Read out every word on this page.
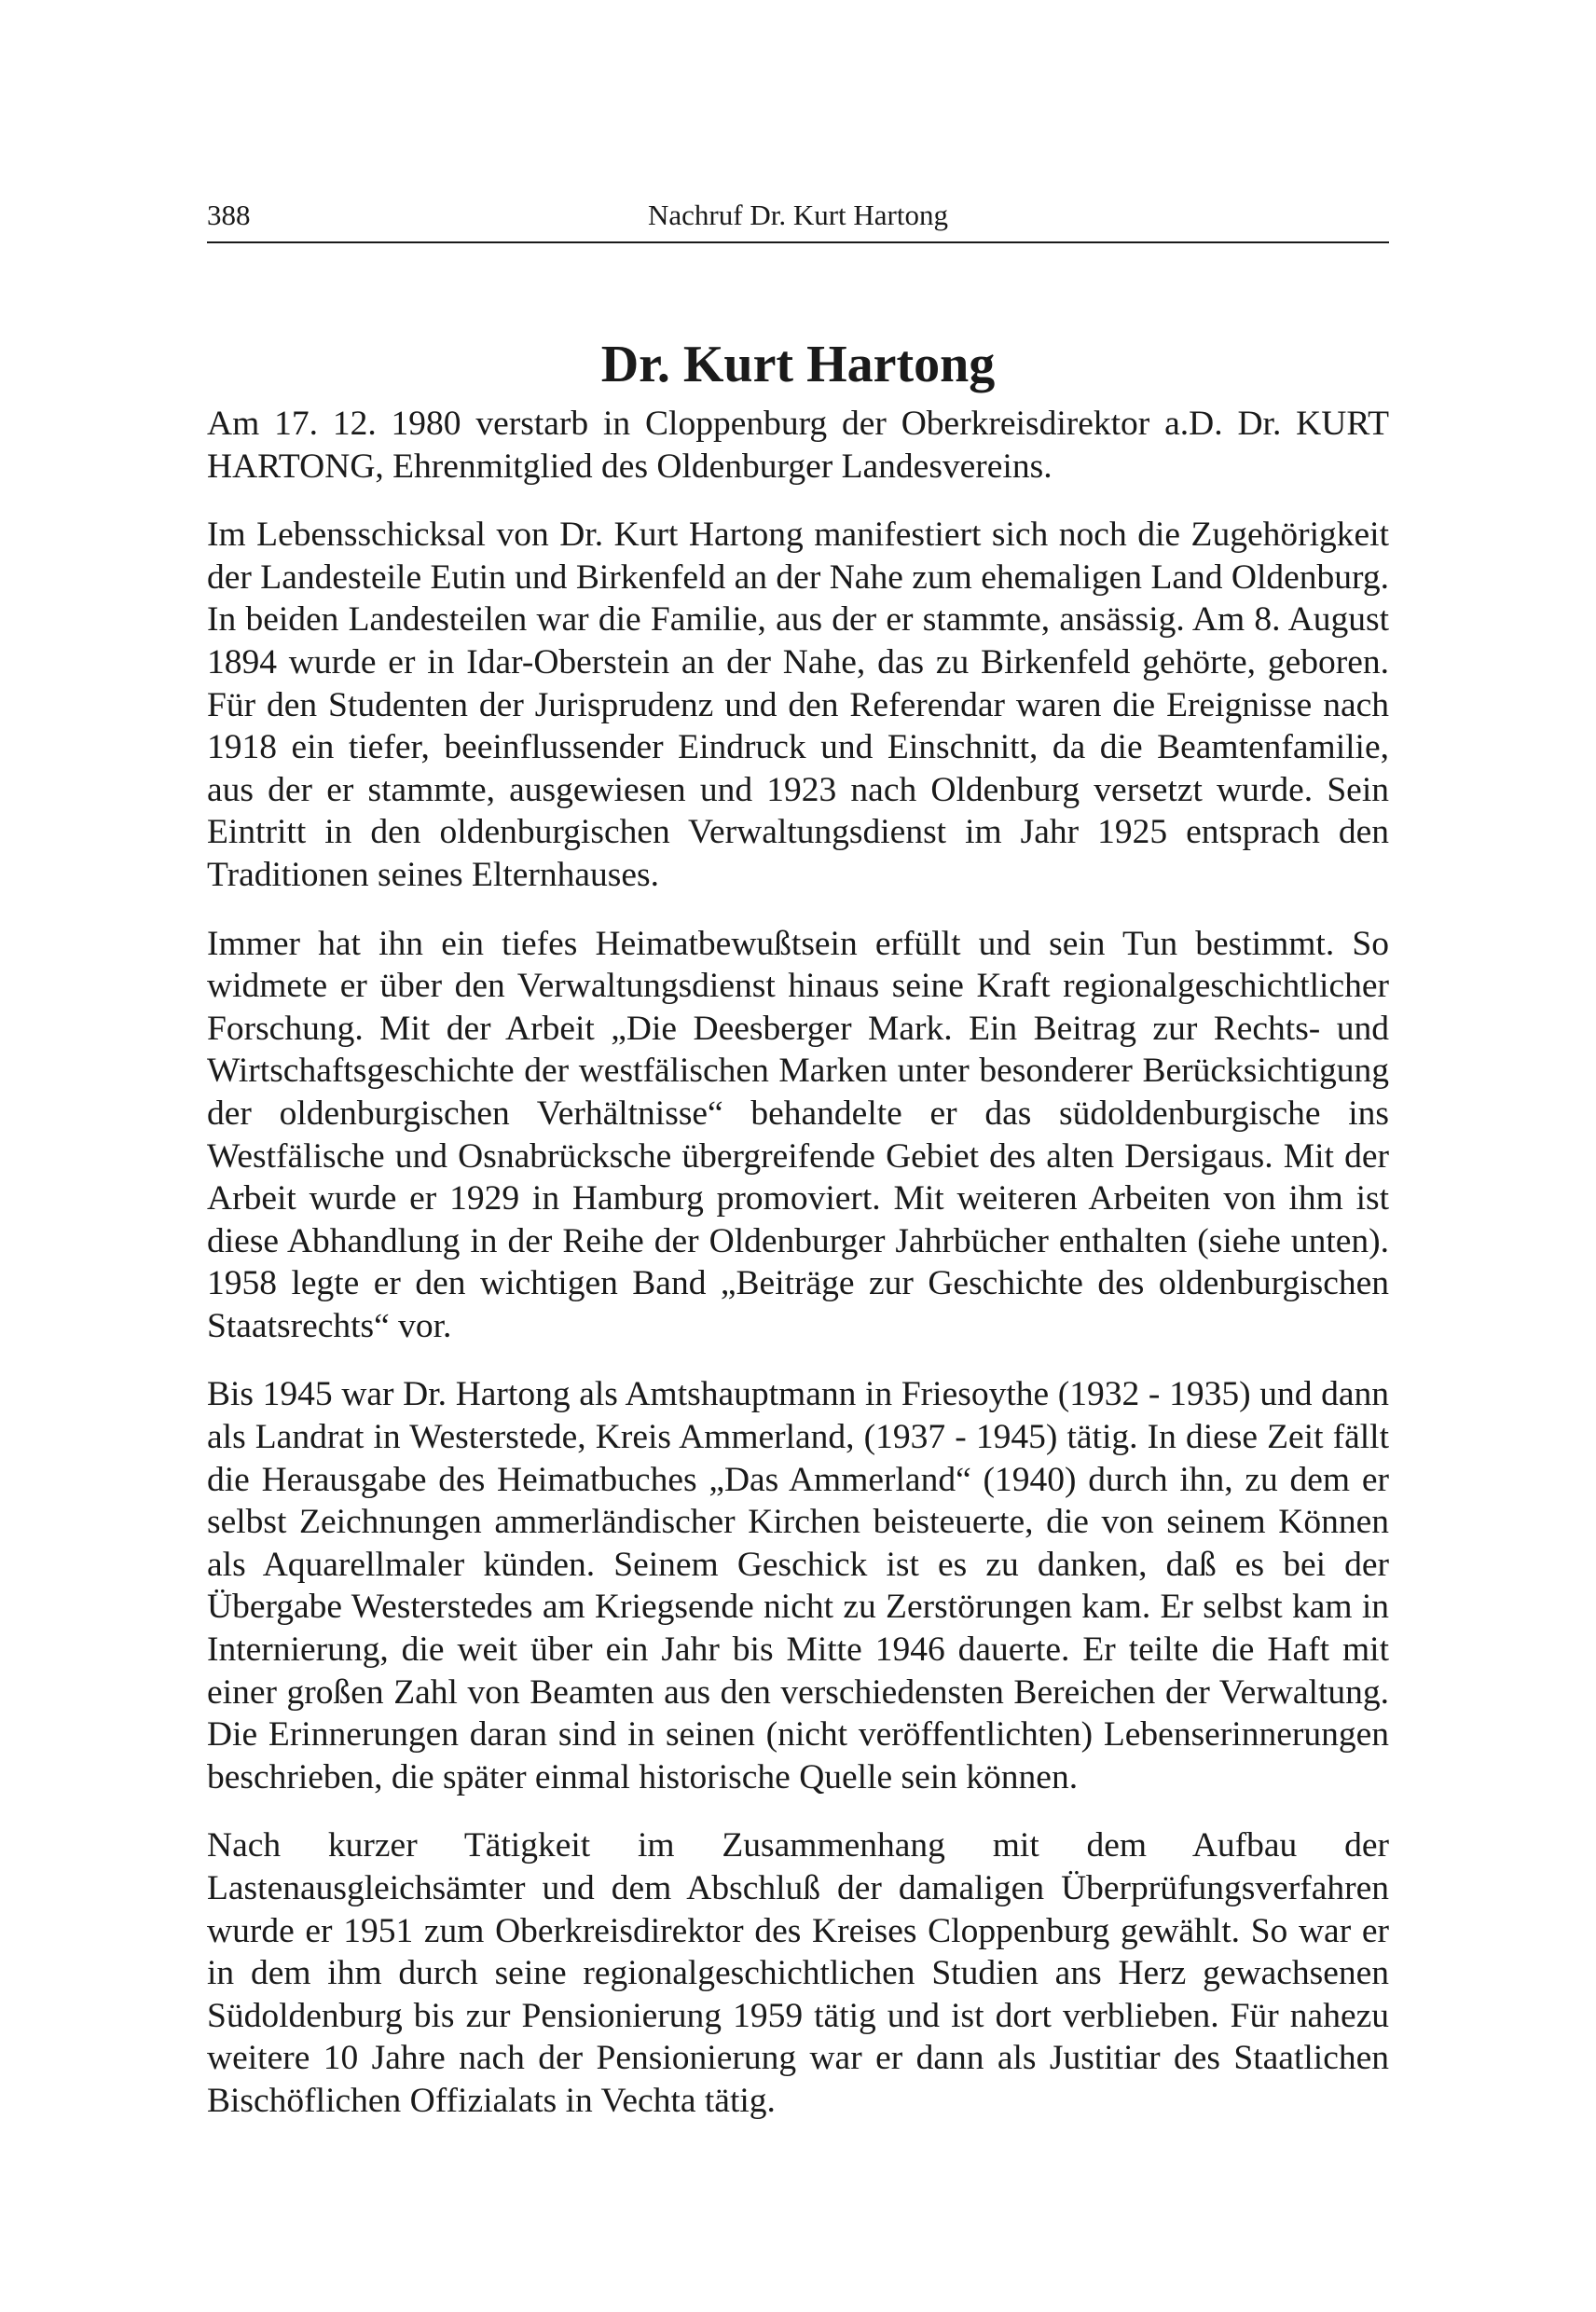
388	Nachruf Dr. Kurt Hartong
Dr. Kurt Hartong

Am 17. 12. 1980 verstarb in Cloppenburg der Oberkreisdirektor a.D. Dr. KURT HARTONG, Ehrenmitglied des Oldenburger Landesvereins.

Im Lebensschicksal von Dr. Kurt Hartong manifestiert sich noch die Zugehörigkeit der Landesteile Eutin und Birkenfeld an der Nahe zum ehemaligen Land Oldenburg. In beiden Landesteilen war die Familie, aus der er stammte, ansässig. Am 8. August 1894 wurde er in Idar-Oberstein an der Nahe, das zu Birkenfeld gehörte, geboren. Für den Studenten der Jurisprudenz und den Referendar waren die Ereignisse nach 1918 ein tiefer, beeinflussender Eindruck und Einschnitt, da die Beamtenfamilie, aus der er stammte, ausgewiesen und 1923 nach Oldenburg versetzt wurde. Sein Eintritt in den oldenburgischen Verwaltungsdienst im Jahr 1925 entsprach den Traditionen seines Elternhauses.

Immer hat ihn ein tiefes Heimatbewußtsein erfüllt und sein Tun bestimmt. So widmete er über den Verwaltungsdienst hinaus seine Kraft regionalgeschichtlicher Forschung. Mit der Arbeit „Die Deesberger Mark. Ein Beitrag zur Rechts- und Wirtschaftsgeschichte der westfälischen Marken unter besonderer Berücksichtigung der oldenburgischen Verhältnisse“ behandelte er das südoldenburgische ins Westfälische und Osnabrücksche übergreifende Gebiet des alten Dersigaus. Mit der Arbeit wurde er 1929 in Hamburg promoviert. Mit weiteren Arbeiten von ihm ist diese Abhandlung in der Reihe der Oldenburger Jahrbücher enthalten (siehe unten). 1958 legte er den wichtigen Band „Beiträge zur Geschichte des oldenburgischen Staatsrechts“ vor.

Bis 1945 war Dr. Hartong als Amtshauptmann in Friesoythe (1932 - 1935) und dann als Landrat in Westerstede, Kreis Ammerland, (1937 - 1945) tätig. In diese Zeit fällt die Herausgabe des Heimatbuches „Das Ammerland“ (1940) durch ihn, zu dem er selbst Zeichnungen ammerländischer Kirchen beisteuerte, die von seinem Können als Aquarellmaler künden. Seinem Geschick ist es zu danken, daß es bei der Übergabe Westerstedes am Kriegsende nicht zu Zerstörungen kam. Er selbst kam in Internierung, die weit über ein Jahr bis Mitte 1946 dauerte. Er teilte die Haft mit einer großen Zahl von Beamten aus den verschiedensten Bereichen der Verwaltung. Die Erinnerungen daran sind in seinen (nicht veröffentlichten) Lebenserinnerungen beschrieben, die später einmal historische Quelle sein können.

Nach kurzer Tätigkeit im Zusammenhang mit dem Aufbau der Lastenausgleichsämter und dem Abschluß der damaligen Überprüfungsverfahren wurde er 1951 zum Oberkreisdirektor des Kreises Cloppenburg gewählt. So war er in dem ihm durch seine regionalgeschichtlichen Studien ans Herz gewachsenen Südoldenburg bis zur Pensionierung 1959 tätig und ist dort verblieben. Für nahezu weitere 10 Jahre nach der Pensionierung war er dann als Justitiar des Staatlichen Bischöflichen Offizialats in Vechta tätig.
